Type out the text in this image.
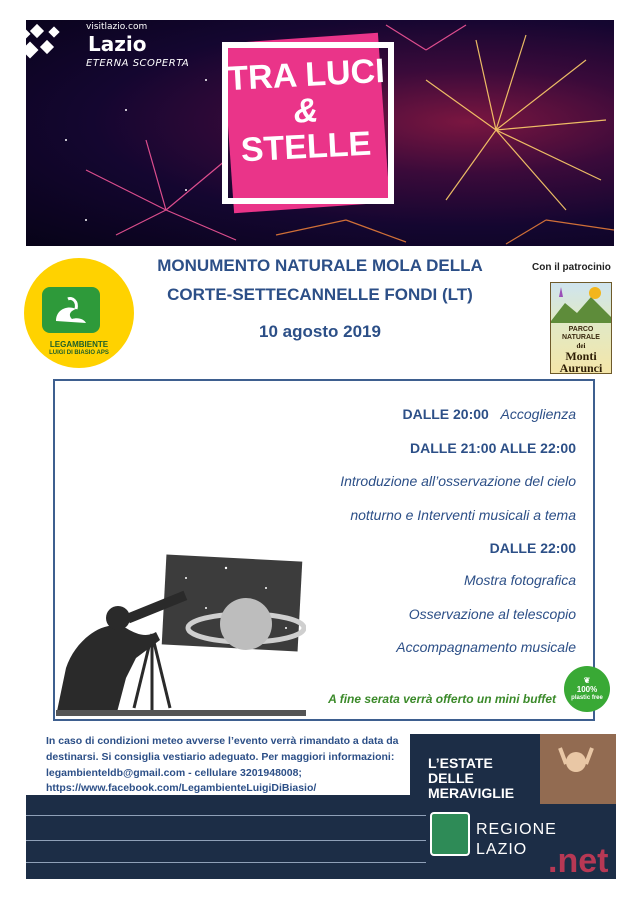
visitlazio.com
Lazio
ETERNA SCOPERTA	TRA LUCI
&
STELLE
MONUMENTO NATURALE MOLA DELLA
CORTE-SETTECANNELLE FONDI (LT)
10 agosto 2019
LEGAMBIENTE
LUIGI DI BIASIO APS
Con il patrocinio
PARCO
NATURALE
dei
Monti
Aurunci
DALLE 20:00 Accoglienza
DALLE 21:00 ALLE 22:00
Introduzione all’osservazione del cielo
notturno e Interventi musicali a tema
DALLE 22:00
Mostra fotografica
Osservazione al telescopio
Accompagnamento musicale
A fine serata verrà offerto un mini buffet
❦
100%
plastic free
In caso di condizioni meteo avverse l’evento verrà rimandato a data da
destinarsi. Si consiglia vestiario adeguato. Per maggiori informazioni:
legambienteldb@gmail.com - cellulare 3201948008;
https://www.facebook.com/LegambienteLuigiDiBiasio/
L’ESTATE
DELLE
MERAVIGLIE
REGIONE
LAZIO .net
